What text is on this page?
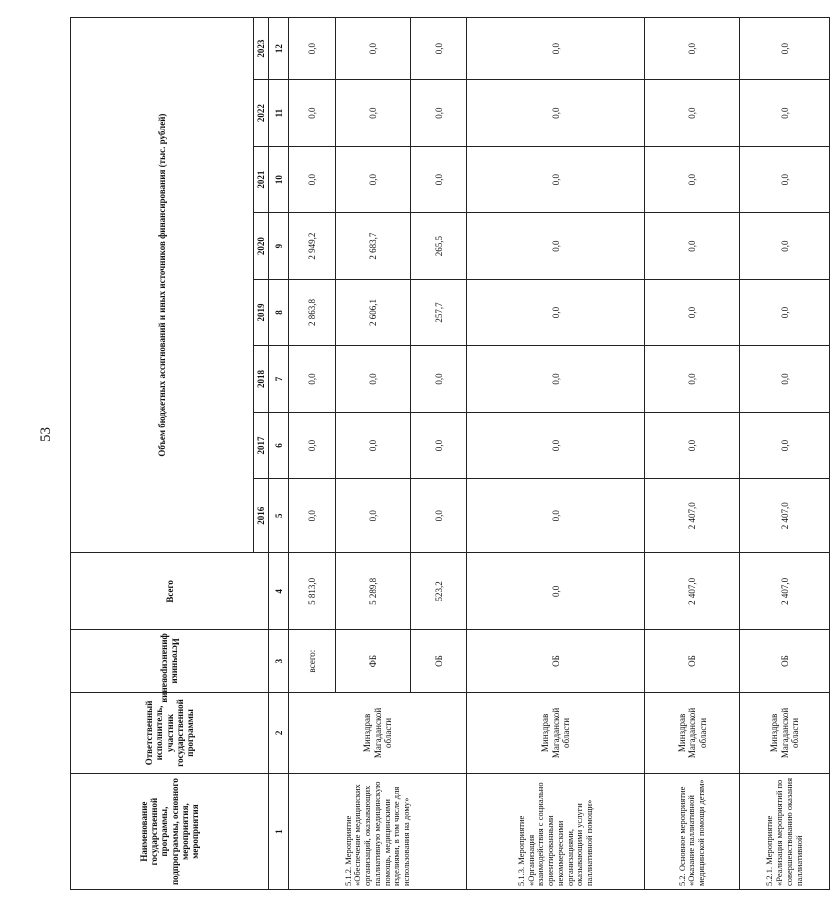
53
Наименование государственной программы, подпрограммы, основного мероприятия, мероприятия	Ответственный исполнитель, участник государственной программы	Источники финансирования	Всего	Объем бюджетных ассигнований и иных источников финансирования (тыс. рублей)							
				2016	2017	2018	2019	2020	2021	2022	2023
1	2	3	4	5	6	7	8	9	10	11	12
5.1.2. Мероприятие «Обеспечение медицинских организаций, оказывающих паллиативную медицинскую помощь, медицинскими изделиями, в том числе для использования на дому»	Минздрав Магаданской области	всего:	5 813,0	0,0	0,0	0,0	2 863,8	2 949,2	0,0	0,0	0,0
		ФБ	5 289,8	0,0	0,0	0,0	2 606,1	2 683,7	0,0	0,0	0,0
		ОБ	523,2	0,0	0,0	0,0	257,7	265,5	0,0	0,0	0,0
5.1.3. Мероприятие «Организация взаимодействия с социально ориентированными некоммерческими организациями, оказывающими услуги паллиативной помощи»	Минздрав Магаданской области	ОБ	0,0	0,0	0,0	0,0	0,0	0,0	0,0	0,0	0,0
5.2. Основное мероприятие «Оказание паллиативной медицинской помощи детям»	Минздрав Магаданской области	ОБ	2 407,0	2 407,0	0,0	0,0	0,0	0,0	0,0	0,0	0,0
5.2.1. Мероприятие «Реализация мероприятий по совершенствованию оказания паллиативной	Минздрав Магаданской области	ОБ	2 407,0	2 407,0	0,0	0,0	0,0	0,0	0,0	0,0	0,0
